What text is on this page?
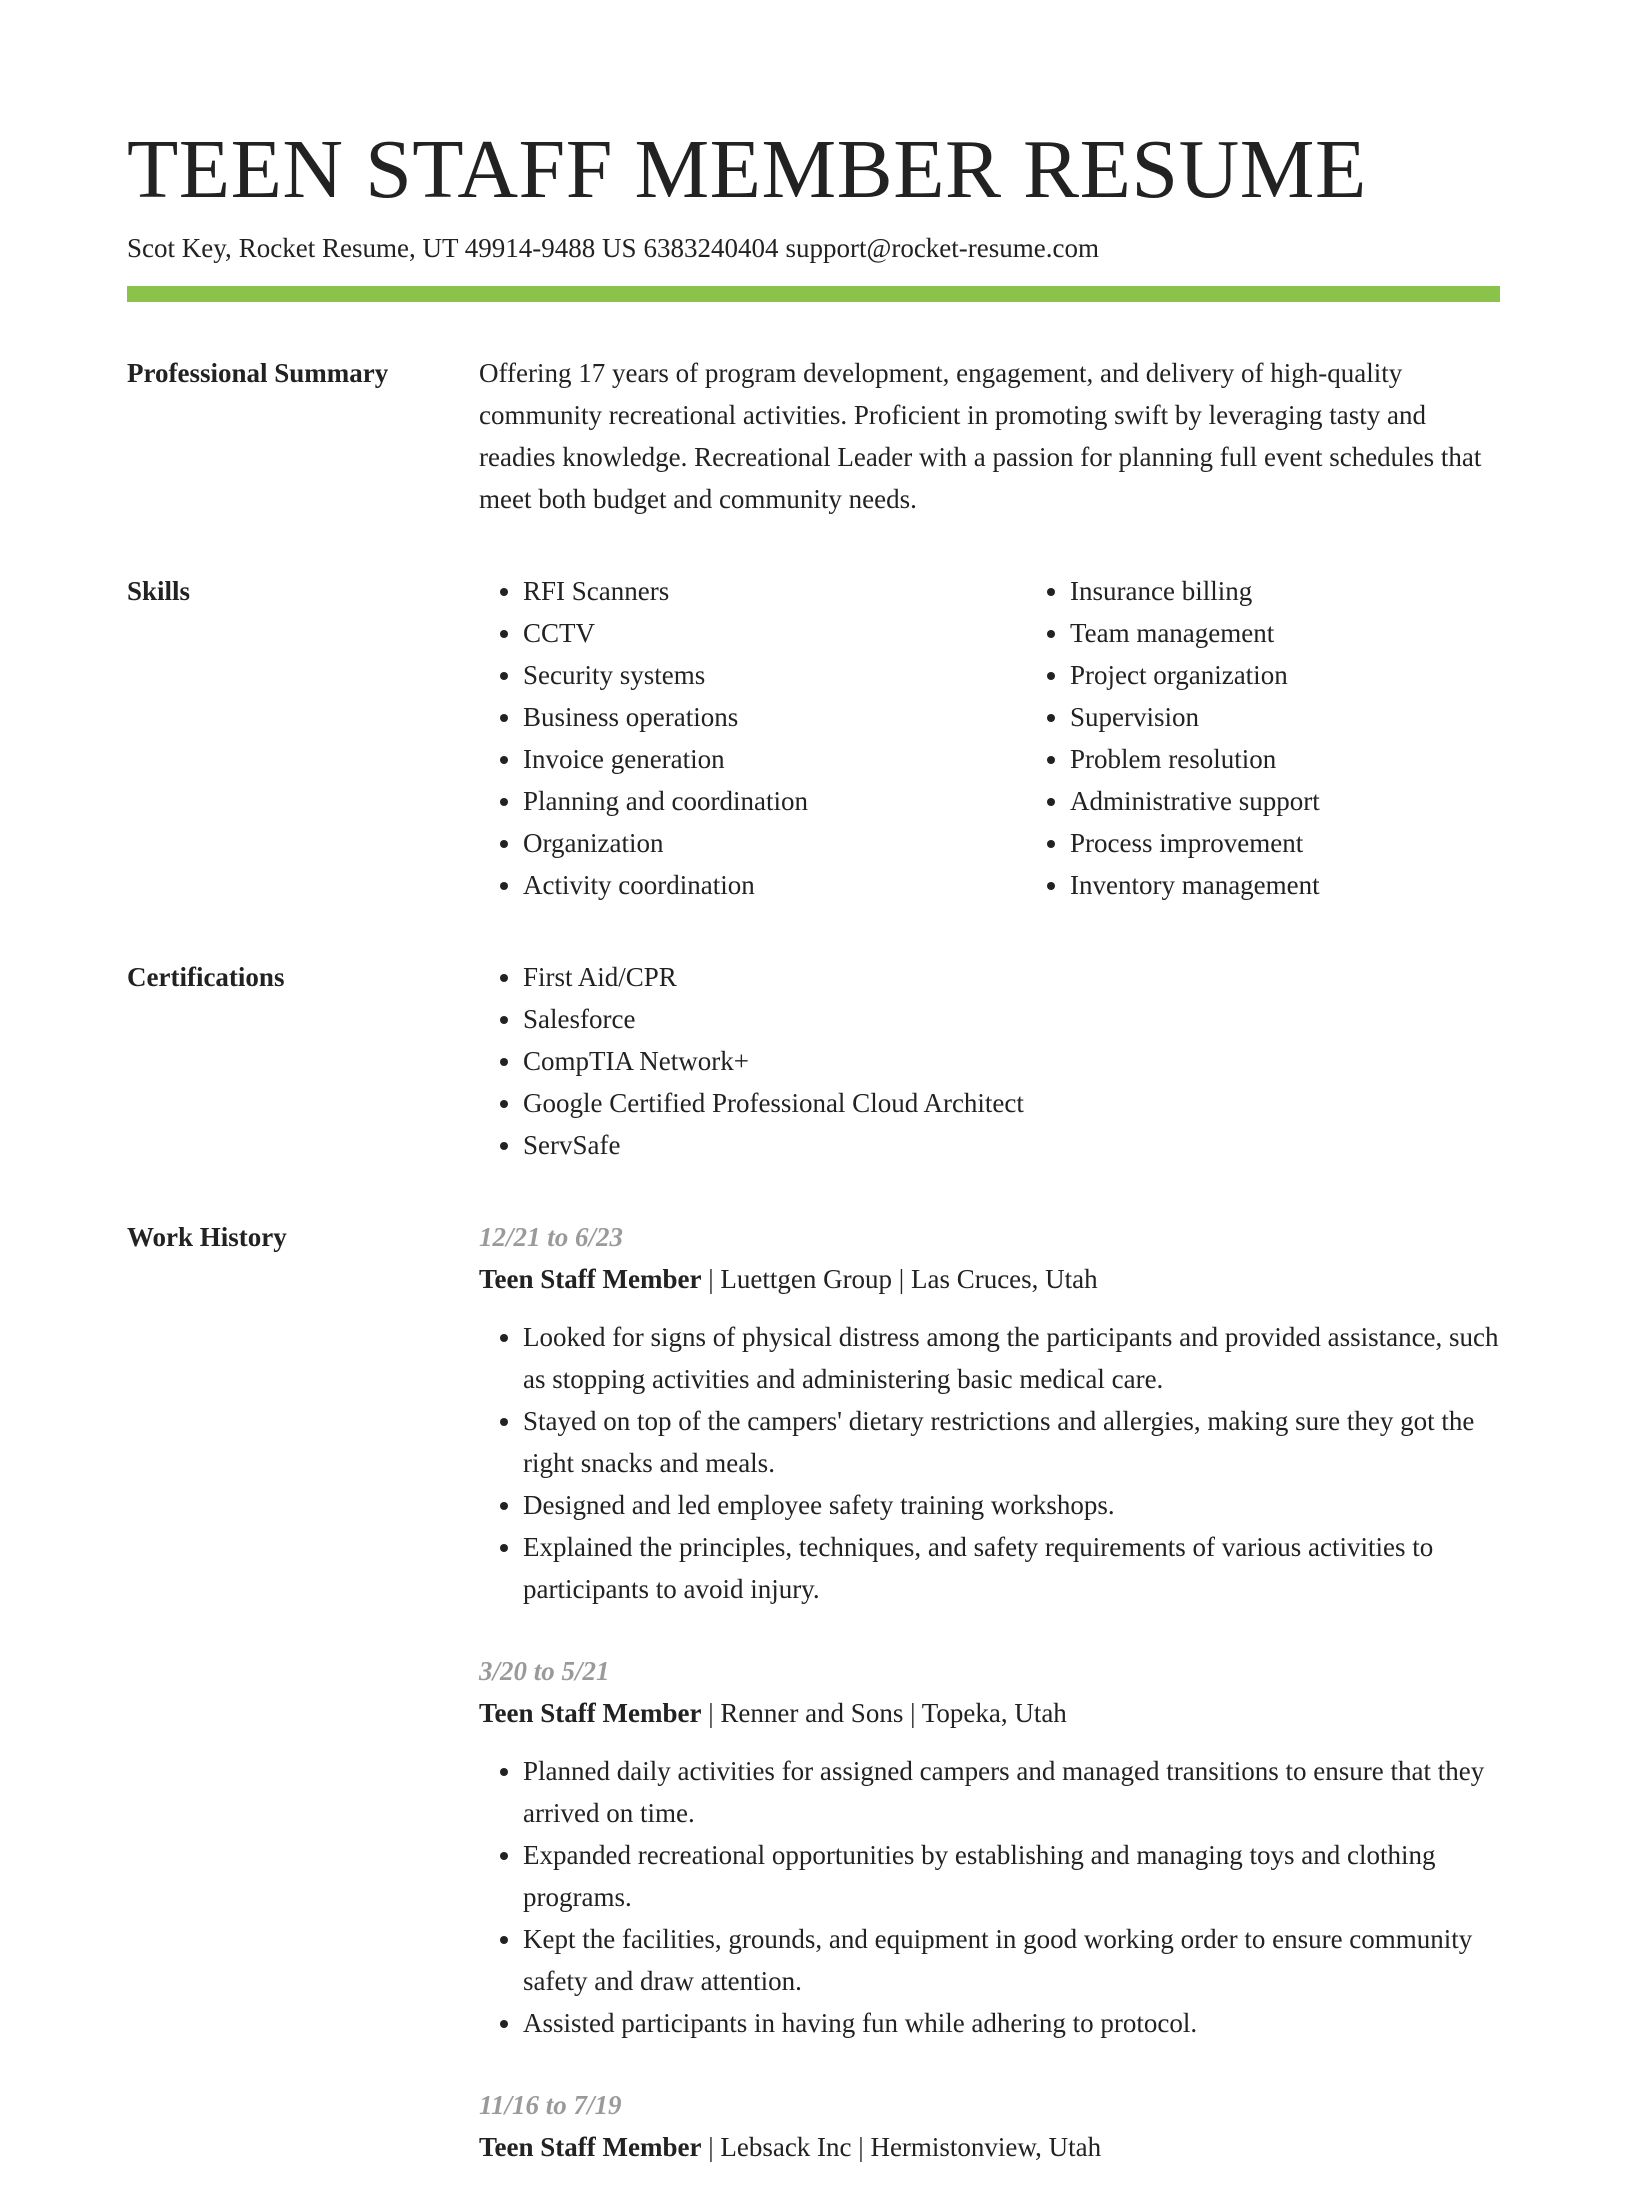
TEEN STAFF MEMBER RESUME
Scot Key, Rocket Resume, UT 49914-9488 US 6383240404 support@rocket-resume.com
Professional Summary	Offering 17 years of program development, engagement, and delivery of high-quality community recreational activities. Proficient in promoting swift by leveraging tasty and readies knowledge. Recreational Leader with a passion for planning full event schedules that meet both budget and community needs.

Skills	• RFI Scanners
• CCTV
• Security systems
• Business operations
• Invoice generation
• Planning and coordination
• Organization
• Activity coordination
• Insurance billing
• Team management
• Project organization
• Supervision
• Problem resolution
• Administrative support
• Process improvement
• Inventory management
Certifications	• First Aid/CPR
• Salesforce
• CompTIA Network+
• Google Certified Professional Cloud Architect
• ServSafe
Work History	12/21 to 6/23
Teen Staff Member | Luettgen Group | Las Cruces, Utah
• Looked for signs of physical distress among the participants and provided assistance, such as stopping activities and administering basic medical care.
• Stayed on top of the campers' dietary restrictions and allergies, making sure they got the right snacks and meals.
• Designed and led employee safety training workshops.
• Explained the principles, techniques, and safety requirements of various activities to participants to avoid injury.
3/20 to 5/21
Teen Staff Member | Renner and Sons | Topeka, Utah
• Planned daily activities for assigned campers and managed transitions to ensure that they arrived on time.
• Expanded recreational opportunities by establishing and managing toys and clothing programs.
• Kept the facilities, grounds, and equipment in good working order to ensure community safety and draw attention.
• Assisted participants in having fun while adhering to protocol.
11/16 to 7/19
Teen Staff Member | Lebsack Inc | Hermistonview, Utah
